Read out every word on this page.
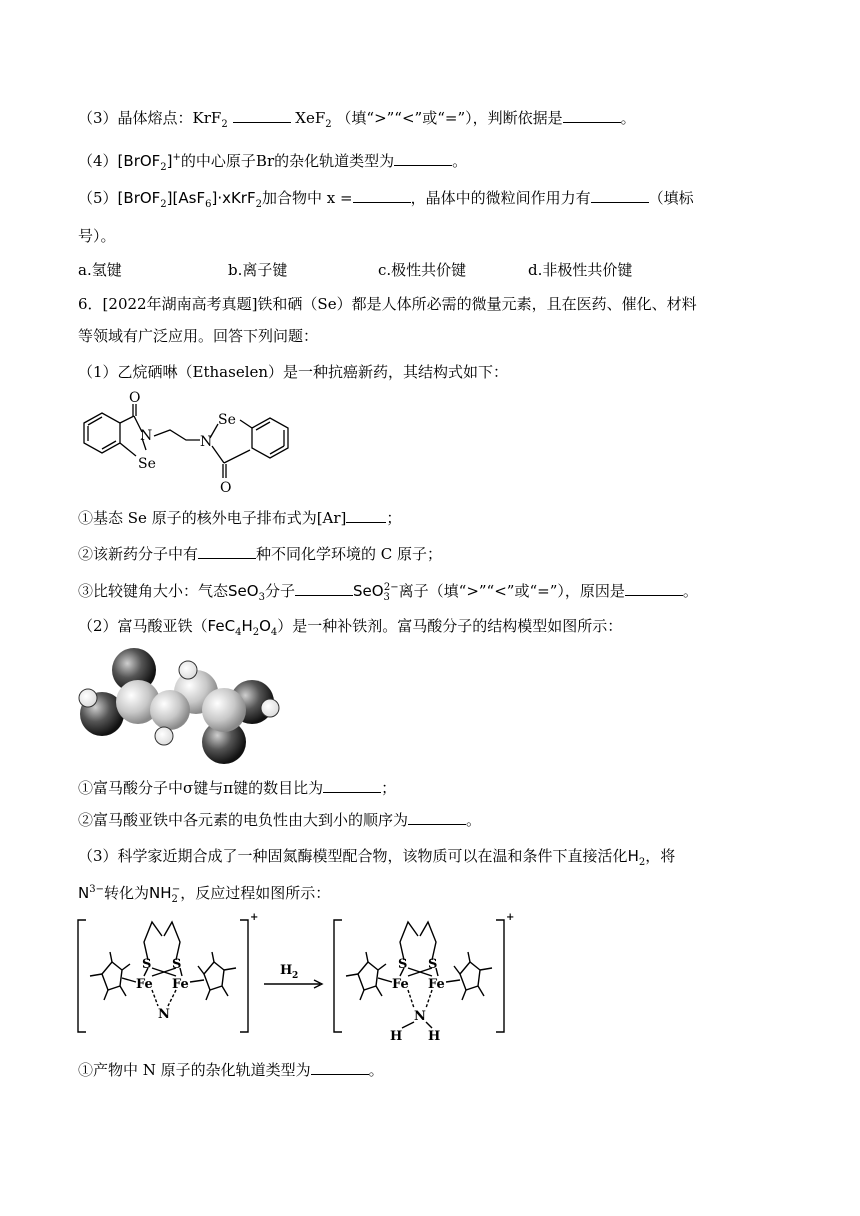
（3）晶体熔点：KrF$_2$	XeF$_2$ （填“>”“<”或“=”），判断依据是	。
（4）[BrOF$_2$]+的中心原子Br的杂化轨道类型为	。
（5）[BrOF$_2$][AsF$_6$]·xKrF$_2$加合物中 x =	，晶体中的微粒间作用力有	（填标
号）。
a.氢键	b.离子键	c.极性共价键	d.非极性共价键
6．[2022年湖南高考真题]铁和硒（Se）都是人体所必需的微量元素，且在医药、催化、材料
等领域有广泛应用。回答下列问题：
（1）乙烷硒啉（Ethaselen）是一种抗癌新药，其结构式如下：
O
N
Se
Se
N
O
①基态 Se 原子的核外电子排布式为[Ar]	；
②该新药分子中有	种不同化学环境的 C 原子；
③比较键角大小：气态SeO$_3$分子	SeO$_3^{2-}$离子（填“>”“<”或“=”），原因是	。
（2）富马酸亚铁$(FeC_4H_2O_4)$是一种补铁剂。富马酸分子的结构模型如图所示：
①富马酸分子中σ键与π键的数目比为	；
②富马酸亚铁中各元素的电负性由大到小的顺序为	。
（3）科学家近期合成了一种固氮酶模型配合物，该物质可以在温和条件下直接活化$H_2$，将
$N^{3-}$转化为$NH_2^-$，反应过程如图所示：
S S
Fe Fe
N
+
H 2
S S
Fe Fe
N
H H
+
①产物中 N 原子的杂化轨道类型为	。
